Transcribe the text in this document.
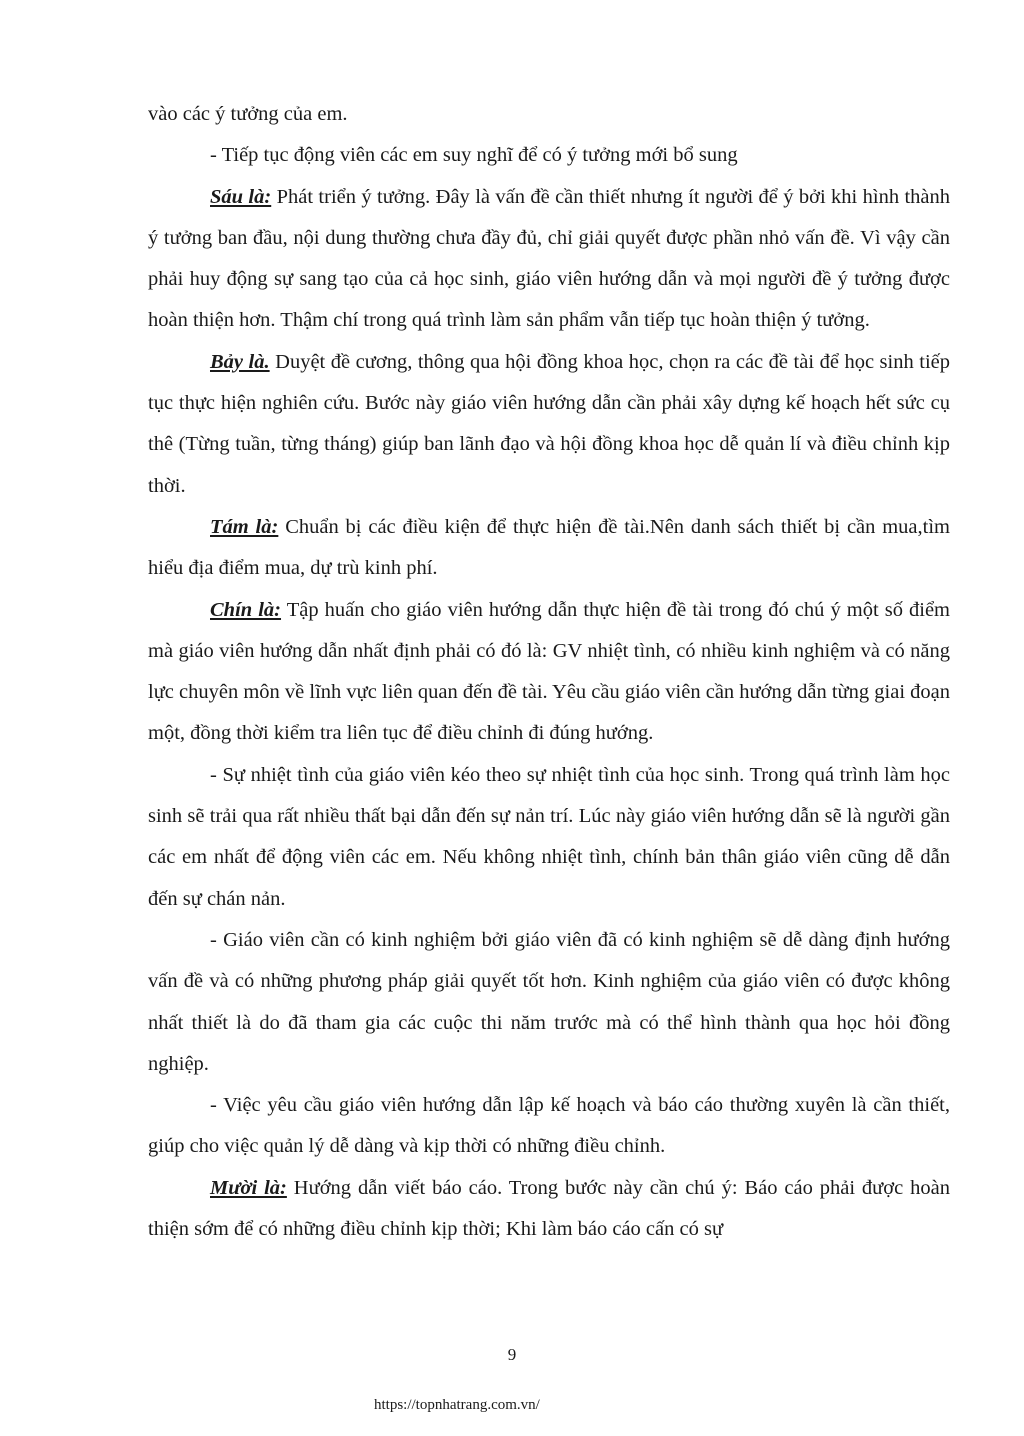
vào các ý tưởng của em.

- Tiếp tục động viên các em suy nghĩ để có ý tưởng mới bổ sung

Sáu là: Phát triển ý tưởng. Đây là vấn đề cần thiết nhưng ít người để ý bởi khi hình thành ý tưởng ban đầu, nội dung thường chưa đầy đủ, chỉ giải quyết được phần nhỏ vấn đề. Vì vậy cần phải huy động sự sang tạo của cả học sinh, giáo viên hướng dẫn và mọi người đề ý tưởng được hoàn thiện hơn. Thậm chí trong quá trình làm sản phẩm vẫn tiếp tục hoàn thiện ý tưởng.

Bảy là. Duyệt đề cương, thông qua hội đồng khoa học, chọn ra các đề tài để học sinh tiếp tục thực hiện nghiên cứu. Bước này giáo viên hướng dẫn cần phải xây dựng kế hoạch hết sức cụ thê (Từng tuần, từng tháng) giúp ban lãnh đạo và hội đồng khoa học dễ quản lí và điều chỉnh kịp thời.

Tám là: Chuẩn bị các điều kiện để thực hiện đề tài.Nên danh sách thiết bị cần mua,tìm hiểu địa điểm mua, dự trù kinh phí.

Chín là: Tập huấn cho giáo viên hướng dẫn thực hiện đề tài trong đó chú ý một số điểm mà giáo viên hướng dẫn nhất định phải có đó là: GV nhiệt tình, có nhiều kinh nghiệm và có năng lực chuyên môn về lĩnh vực liên quan đến đề tài. Yêu cầu giáo viên cần hướng dẫn từng giai đoạn một, đồng thời kiểm tra liên tục để điều chỉnh đi đúng hướng.

- Sự nhiệt tình của giáo viên kéo theo sự nhiệt tình của học sinh. Trong quá trình làm học sinh sẽ trải qua rất nhiều thất bại dẫn đến sự nản trí. Lúc này giáo viên hướng dẫn sẽ là người gần các em nhất để động viên các em. Nếu không nhiệt tình, chính bản thân giáo viên cũng dễ dẫn đến sự chán nản.

- Giáo viên cần có kinh nghiệm bởi giáo viên đã có kinh nghiệm sẽ dễ dàng định hướng vấn đề và có những phương pháp giải quyết tốt hơn. Kinh nghiệm của giáo viên có được không nhất thiết là do đã tham gia các cuộc thi năm trước mà có thể hình thành qua học hỏi đồng nghiệp.

- Việc yêu cầu giáo viên hướng dẫn lập kế hoạch và báo cáo thường xuyên là cần thiết, giúp cho việc quản lý dễ dàng và kịp thời có những điều chỉnh.

Mười là: Hướng dẫn viết báo cáo. Trong bước này cần chú ý: Báo cáo phải được hoàn thiện sớm để có những điều chỉnh kịp thời; Khi làm báo cáo cấn có sự

9
https://topnhatrang.com.vn/
